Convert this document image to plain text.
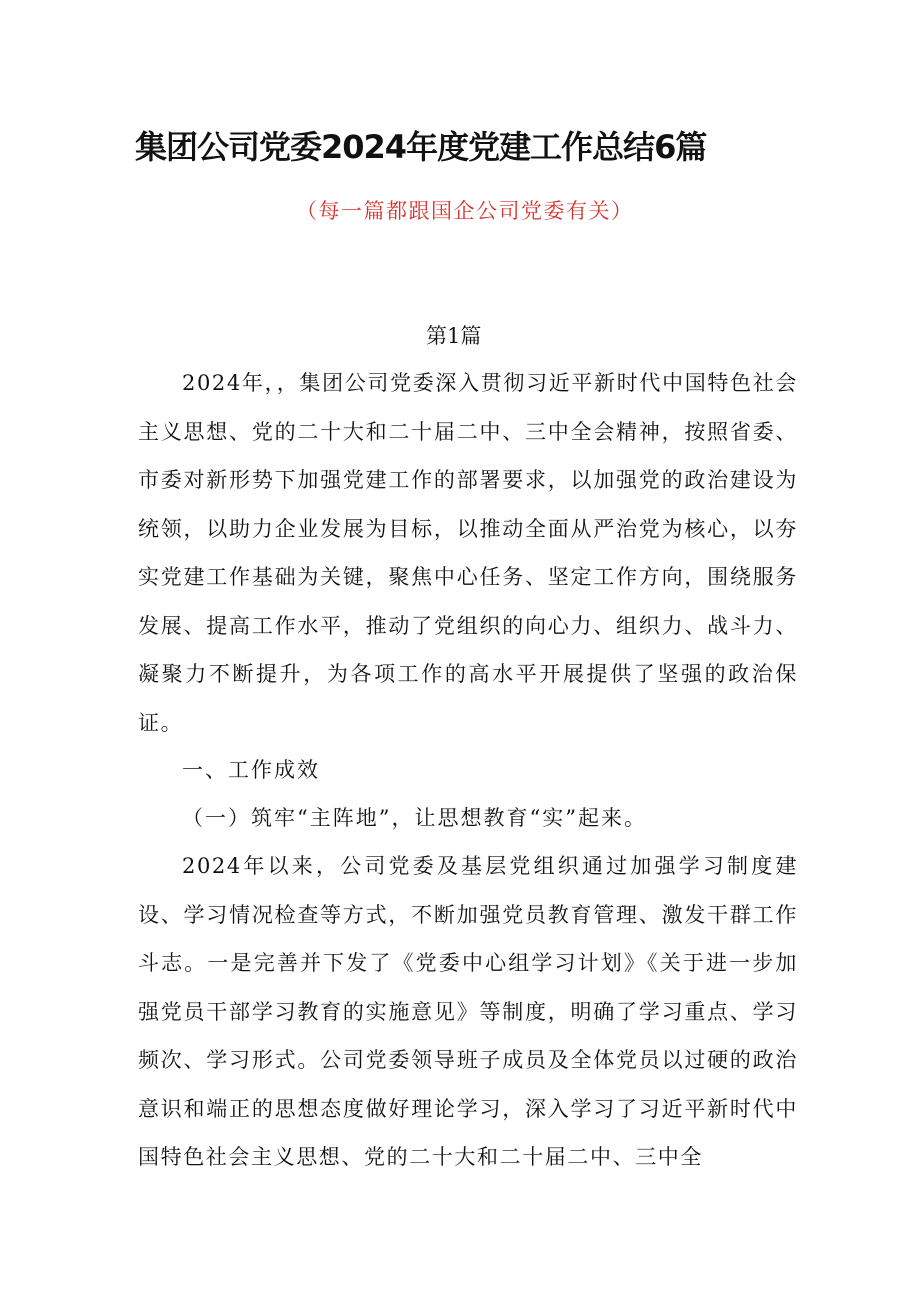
集团公司党委2024年度党建工作总结6篇
（每一篇都跟国企公司党委有关）
第1篇
2024年，，集团公司党委深入贯彻习近平新时代中国特色社会主义思想、党的二十大和二十届二中、三中全会精神，按照省委、市委对新形势下加强党建工作的部署要求，以加强党的政治建设为统领，以助力企业发展为目标，以推动全面从严治党为核心，以夯实党建工作基础为关键，聚焦中心任务、坚定工作方向，围绕服务发展、提高工作水平，推动了党组织的向心力、组织力、战斗力、凝聚力不断提升，为各项工作的高水平开展提供了坚强的政治保证。
一、工作成效
（一）筑牢“主阵地”，让思想教育“实”起来。
2024年以来，公司党委及基层党组织通过加强学习制度建设、学习情况检查等方式，不断加强党员教育管理、激发干群工作斗志。一是完善并下发了《党委中心组学习计划》《关于进一步加强党员干部学习教育的实施意见》等制度，明确了学习重点、学习频次、学习形式。公司党委领导班子成员及全体党员以过硬的政治意识和端正的思想态度做好理论学习，深入学习了习近平新时代中国特色社会主义思想、党的二十大和二十届二中、三中全
